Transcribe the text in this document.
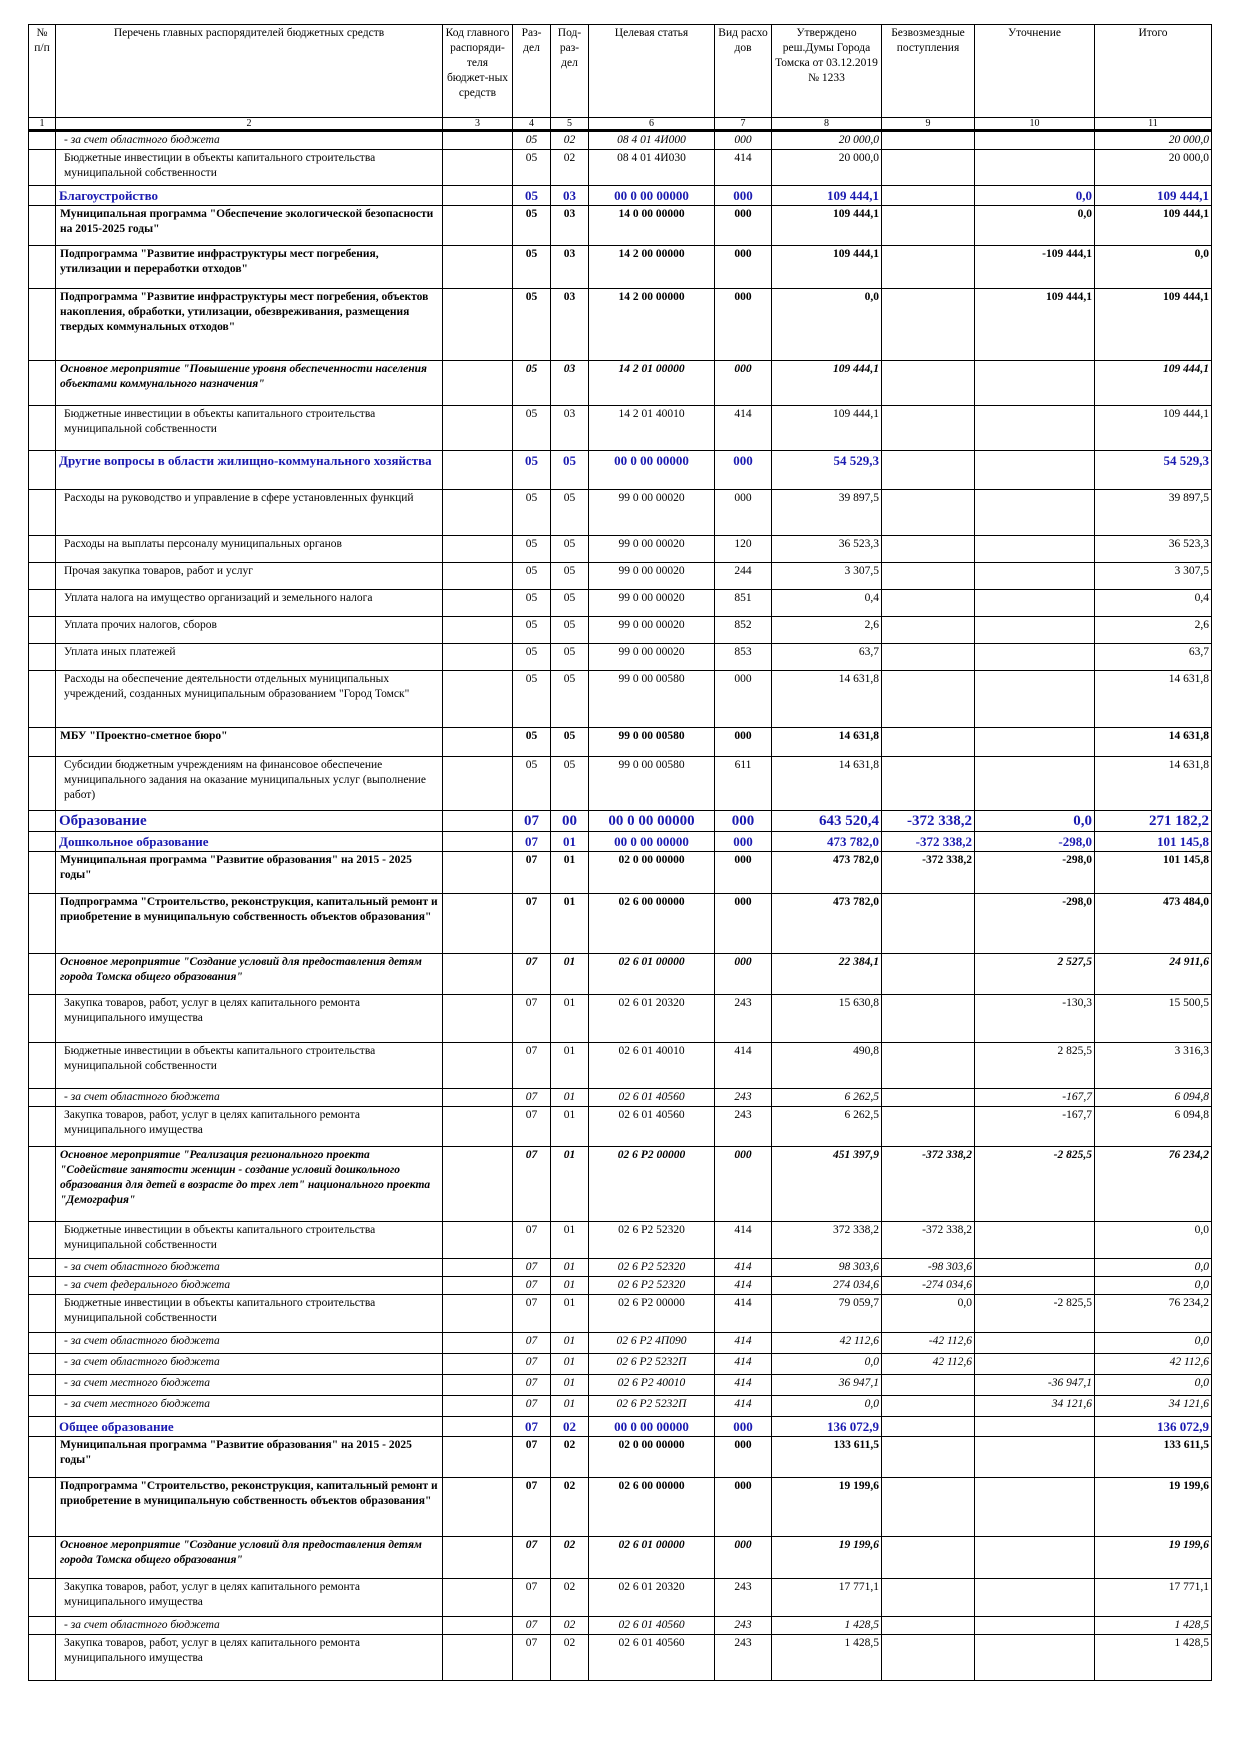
№ п/п	Перечень главных распорядителей бюджетных средств	Код главного распоряди-теля бюджет-ных средств	Раз-дел	Под-раз-дел	Целевая статья	Вид расхо дов	Утверждено реш.Думы Города Томска от 03.12.2019 № 1233	Безвозмездные поступления	Уточнение	Итого
1	2	3	4	5	6	7	8	9	10	11
	- за счет областного бюджета		05	02	08 4 01 4И000	000	20 000,0			20 000,0
	Бюджетные инвестиции в объекты капитального строительства муниципальной собственности		05	02	08 4 01 4И030	414	20 000,0			20 000,0
	Благоустройство		05	03	00 0 00 00000	000	109 444,1		0,0	109 444,1
	Муниципальная программа "Обеспечение экологической безопасности на 2015-2025 годы"		05	03	14 0 00 00000	000	109 444,1		0,0	109 444,1
	Подпрограмма "Развитие инфраструктуры мест погребения, утилизации и переработки отходов"		05	03	14 2 00 00000	000	109 444,1		-109 444,1	0,0
	Подпрограмма "Развитие инфраструктуры мест погребения, объектов накопления, обработки, утилизации, обезвреживания, размещения твердых коммунальных отходов"		05	03	14 2 00 00000	000	0,0		109 444,1	109 444,1
	Основное мероприятие "Повышение уровня обеспеченности населения объектами коммунального назначения"		05	03	14 2 01 00000	000	109 444,1			109 444,1
	Бюджетные инвестиции в объекты капитального строительства муниципальной собственности		05	03	14 2 01 40010	414	109 444,1			109 444,1
	Другие вопросы в области жилищно-коммунального хозяйства		05	05	00 0 00 00000	000	54 529,3			54 529,3
	Расходы на руководство и управление в сфере установленных функций		05	05	99 0 00 00020	000	39 897,5			39 897,5
	Расходы на выплаты персоналу муниципальных органов		05	05	99 0 00 00020	120	36 523,3			36 523,3
	Прочая закупка товаров, работ и услуг		05	05	99 0 00 00020	244	3 307,5			3 307,5
	Уплата налога на имущество организаций и земельного налога		05	05	99 0 00 00020	851	0,4			0,4
	Уплата прочих налогов, сборов		05	05	99 0 00 00020	852	2,6			2,6
	Уплата иных платежей		05	05	99 0 00 00020	853	63,7			63,7
	Расходы на обеспечение деятельности отдельных муниципальных учреждений, созданных муниципальным образованием "Город Томск"		05	05	99 0 00 00580	000	14 631,8			14 631,8
	МБУ "Проектно-сметное бюро"		05	05	99 0 00 00580	000	14 631,8			14 631,8
	Субсидии бюджетным учреждениям на финансовое обеспечение муниципального задания на оказание муниципальных услуг (выполнение работ)		05	05	99 0 00 00580	611	14 631,8			14 631,8
	Образование		07	00	00 0 00 00000	000	643 520,4	-372 338,2	0,0	271 182,2
	Дошкольное образование		07	01	00 0 00 00000	000	473 782,0	-372 338,2	-298,0	101 145,8
	Муниципальная программа "Развитие образования" на 2015 - 2025 годы"		07	01	02 0 00 00000	000	473 782,0	-372 338,2	-298,0	101 145,8
	Подпрограмма "Строительство, реконструкция, капитальный ремонт и приобретение в муниципальную собственность объектов образования"		07	01	02 6 00 00000	000	473 782,0		-298,0	473 484,0
	Основное мероприятие "Создание условий для предоставления детям города Томска общего образования"		07	01	02 6 01 00000	000	22 384,1		2 527,5	24 911,6
	Закупка товаров, работ, услуг в целях капитального ремонта муниципального имущества		07	01	02 6 01 20320	243	15 630,8		-130,3	15 500,5
	Бюджетные инвестиции в объекты капитального строительства муниципальной собственности		07	01	02 6 01 40010	414	490,8		2 825,5	3 316,3
	- за счет областного бюджета		07	01	02 6 01 40560	243	6 262,5		-167,7	6 094,8
	Закупка товаров, работ, услуг в целях капитального ремонта муниципального имущества		07	01	02 6 01 40560	243	6 262,5		-167,7	6 094,8
	Основное мероприятие "Реализация регионального проекта "Содействие занятости женщин - создание условий дошкольного образования для детей в возрасте до трех лет" национального проекта "Демография"		07	01	02 6 P2 00000	000	451 397,9	-372 338,2	-2 825,5	76 234,2
	Бюджетные инвестиции в объекты капитального строительства муниципальной собственности		07	01	02 6 P2 52320	414	372 338,2	-372 338,2		0,0
	- за счет областного бюджета		07	01	02 6 P2 52320	414	98 303,6	-98 303,6		0,0
	- за счет федерального бюджета		07	01	02 6 P2 52320	414	274 034,6	-274 034,6		0,0
	Бюджетные инвестиции в объекты капитального строительства муниципальной собственности		07	01	02 6 P2 00000	414	79 059,7	0,0	-2 825,5	76 234,2
	- за счет областного бюджета		07	01	02 6 P2 4П090	414	42 112,6	-42 112,6		0,0
	- за счет областного бюджета		07	01	02 6 P2 5232П	414	0,0	42 112,6		42 112,6
	- за счет местного бюджета		07	01	02 6 P2 40010	414	36 947,1		-36 947,1	0,0
	- за счет местного бюджета		07	01	02 6 P2 5232П	414	0,0		34 121,6	34 121,6
	Общее образование		07	02	00 0 00 00000	000	136 072,9			136 072,9
	Муниципальная программа "Развитие образования" на 2015 - 2025 годы"		07	02	02 0 00 00000	000	133 611,5			133 611,5
	Подпрограмма "Строительство, реконструкция, капитальный ремонт и приобретение в муниципальную собственность объектов образования"		07	02	02 6 00 00000	000	19 199,6			19 199,6
	Основное мероприятие "Создание условий для предоставления детям города Томска общего образования"		07	02	02 6 01 00000	000	19 199,6			19 199,6
	Закупка товаров, работ, услуг в целях капитального ремонта муниципального имущества		07	02	02 6 01 20320	243	17 771,1			17 771,1
	- за счет областного бюджета		07	02	02 6 01 40560	243	1 428,5			1 428,5
	Закупка товаров, работ, услуг в целях капитального ремонта муниципального имущества		07	02	02 6 01 40560	243	1 428,5			1 428,5
